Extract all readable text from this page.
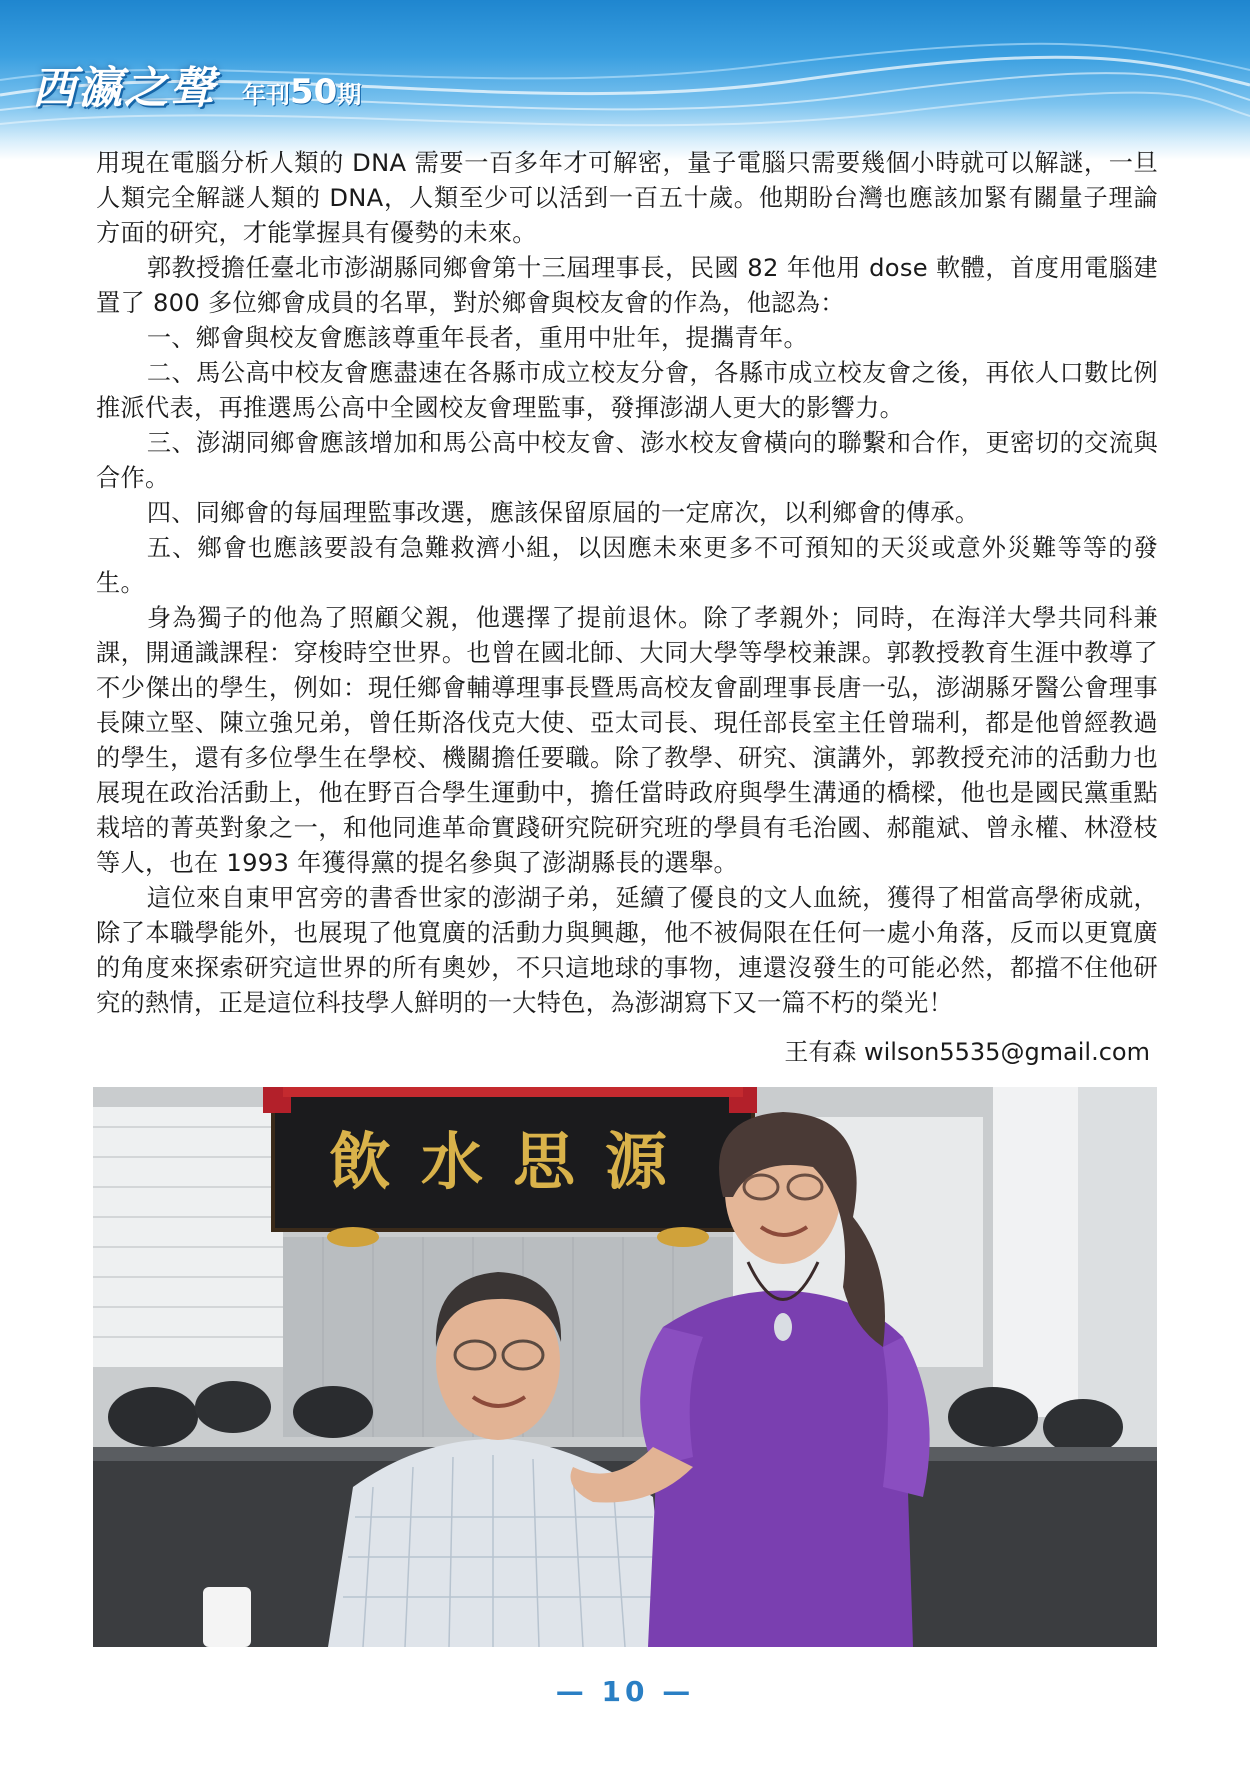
西瀛之聲 年刊50期

用現在電腦分析人類的 DNA 需要一百多年才可解密，量子電腦只需要幾個小時就可以解謎，一旦人類完全解謎人類的 DNA，人類至少可以活到一百五十歲。他期盼台灣也應該加緊有關量子理論方面的研究，才能掌握具有優勢的未來。

郭教授擔任臺北市澎湖縣同鄉會第十三屆理事長，民國 82 年他用 dose 軟體，首度用電腦建置了 800 多位鄉會成員的名單，對於鄉會與校友會的作為，他認為：

一、鄉會與校友會應該尊重年長者，重用中壯年，提攜青年。

二、馬公高中校友會應盡速在各縣市成立校友分會，各縣市成立校友會之後，再依人口數比例推派代表，再推選馬公高中全國校友會理監事，發揮澎湖人更大的影響力。

三、澎湖同鄉會應該增加和馬公高中校友會、澎水校友會橫向的聯繫和合作，更密切的交流與合作。

四、同鄉會的每屆理監事改選，應該保留原屆的一定席次，以利鄉會的傳承。

五、鄉會也應該要設有急難救濟小組，以因應未來更多不可預知的天災或意外災難等等的發生。

身為獨子的他為了照顧父親，他選擇了提前退休。除了孝親外；同時，在海洋大學共同科兼課，開通識課程：穿梭時空世界。也曾在國北師、大同大學等學校兼課。郭教授教育生涯中教導了不少傑出的學生，例如：現任鄉會輔導理事長暨馬高校友會副理事長唐一弘，澎湖縣牙醫公會理事長陳立堅、陳立強兄弟，曾任斯洛伐克大使、亞太司長、現任部長室主任曾瑞利，都是他曾經教過的學生，還有多位學生在學校、機關擔任要職。除了教學、研究、演講外，郭教授充沛的活動力也展現在政治活動上，他在野百合學生運動中，擔任當時政府與學生溝通的橋樑，他也是國民黨重點栽培的菁英對象之一，和他同進革命實踐研究院研究班的學員有毛治國、郝龍斌、曾永權、林澄枝等人，也在 1993 年獲得黨的提名參與了澎湖縣長的選舉。

這位來自東甲宮旁的書香世家的澎湖子弟，延續了優良的文人血統，獲得了相當高學術成就，除了本職學能外，也展現了他寬廣的活動力與興趣，他不被侷限在任何一處小角落，反而以更寬廣的角度來探索研究這世界的所有奧妙，不只這地球的事物，連還沒發生的可能必然，都擋不住他研究的熱情，正是這位科技學人鮮明的一大特色，為澎湖寫下又一篇不朽的榮光！

王有森 wilson5535@gmail.com
飲水思源
— 10 —
